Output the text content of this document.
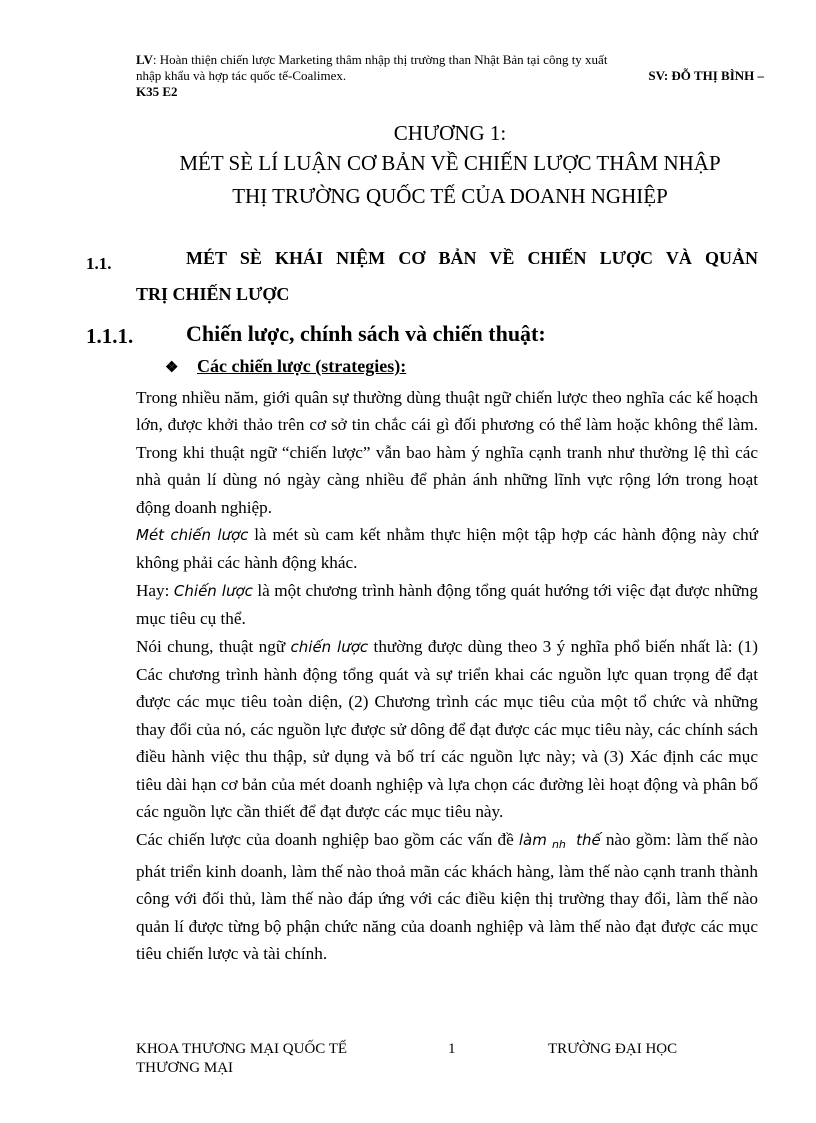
LV: Hoàn thiện chiến lược Marketing thâm nhập thị trường than Nhật Bản tại công ty xuất
nhập khẩu và hợp tác quốc tế-Coalimex.	SV: ĐỖ THỊ BÌNH –
K35 E2
CHƯƠNG 1:
MÉT SÈ LÍ LUẬN CƠ BẢN VỀ CHIẾN LƯỢC THÂM NHẬP
THỊ TRƯỜNG QUỐC TẾ CỦA DOANH NGHIỆP
1.1.	MÉT SÈ KHÁI NIỆM CƠ BẢN VỀ CHIẾN LƯỢC VÀ QUẢN
TRỊ CHIẾN LƯỢC
1.1.1. Chiến lược, chính sách và chiến thuật:
❖ Các chiến lược (strategies):

Trong nhiều năm, giới quân sự thường dùng thuật ngữ chiến lược theo nghĩa các kế hoạch lớn, được khởi thảo trên cơ sở tin chắc cái gì đối phương có thể làm hoặc không thể làm. Trong khi thuật ngữ “chiến lược” vẫn bao hàm ý nghĩa cạnh tranh như thường lệ thì các nhà quản lí dùng nó ngày càng nhiều để phản ánh những lĩnh vực rộng lớn trong hoạt động doanh nghiệp.

Mét chiến lược là mét sù cam kết nhằm thực hiện một tập hợp các hành động này chứ không phải các hành động khác.

Hay: Chiến lược là một chương trình hành động tổng quát hướng tới việc đạt được những mục tiêu cụ thể.

Nói chung, thuật ngữ chiến lược thường được dùng theo 3 ý nghĩa phổ biến nhất là: (1) Các chương trình hành động tổng quát và sự triển khai các nguồn lực quan trọng để đạt được các mục tiêu toàn diện, (2) Chương trình các mục tiêu của một tổ chức và những thay đổi của nó, các nguồn lực được sử dông để đạt được các mục tiêu này, các chính sách điều hành việc thu thập, sử dụng và bố trí các nguồn lực này; và (3) Xác định các mục tiêu dài hạn cơ bản của mét doanh nghiệp và lựa chọn các đường lèi hoạt động và phân bố các nguồn lực cần thiết để đạt được các mục tiêu này.

Các chiến lược của doanh nghiệp bao gồm các vấn đề làm $_{nh}$ thế nào gồm: làm thế nào phát triển kinh doanh, làm thế nào thoả mãn các khách hàng, làm thế nào cạnh tranh thành công với đối thủ, làm thế nào đáp ứng với các điều kiện thị trường thay đổi, làm thế nào quản lí được từng bộ phận chức năng của doanh nghiệp và làm thế nào đạt được các mục tiêu chiến lược và tài chính.

KHOA THƯƠNG MẠI QUỐC TẾ
THƯƠNG MẠI
1	TRƯỜNG ĐẠI HỌC
